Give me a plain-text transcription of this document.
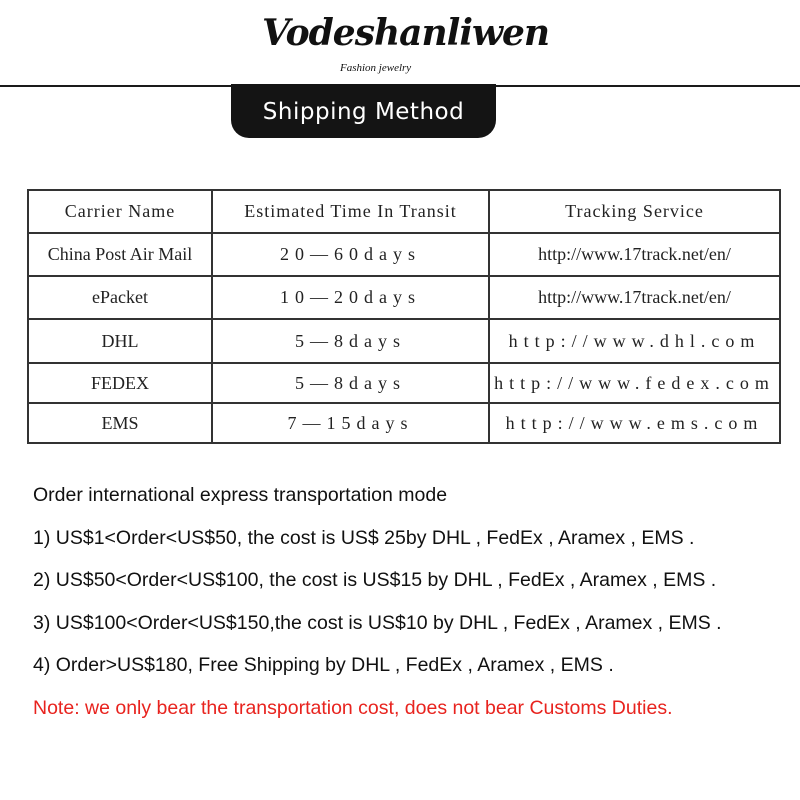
Vodeshanliwen
Fashion jewelry
Shipping Method
Carrier Name	Estimated Time In Transit	Tracking Service
China Post Air Mail	20—60days	http://www.17track.net/en/
ePacket	10—20days	http://www.17track.net/en/
DHL	5—8days	http://www.dhl.com
FEDEX	5—8days	http://www.fedex.com
EMS	7—15days	http://www.ems.com

Order international express transportation mode

1) US$1<Order<US$50, the cost is US$ 25by DHL , FedEx , Aramex , EMS .

2) US$50<Order<US$100, the cost is US$15 by DHL , FedEx , Aramex , EMS .

3) US$100<Order<US$150,the cost is US$10 by DHL , FedEx , Aramex , EMS .

4) Order>US$180, Free Shipping by DHL , FedEx , Aramex , EMS .

Note: we only bear the transportation cost, does not bear Customs Duties.
